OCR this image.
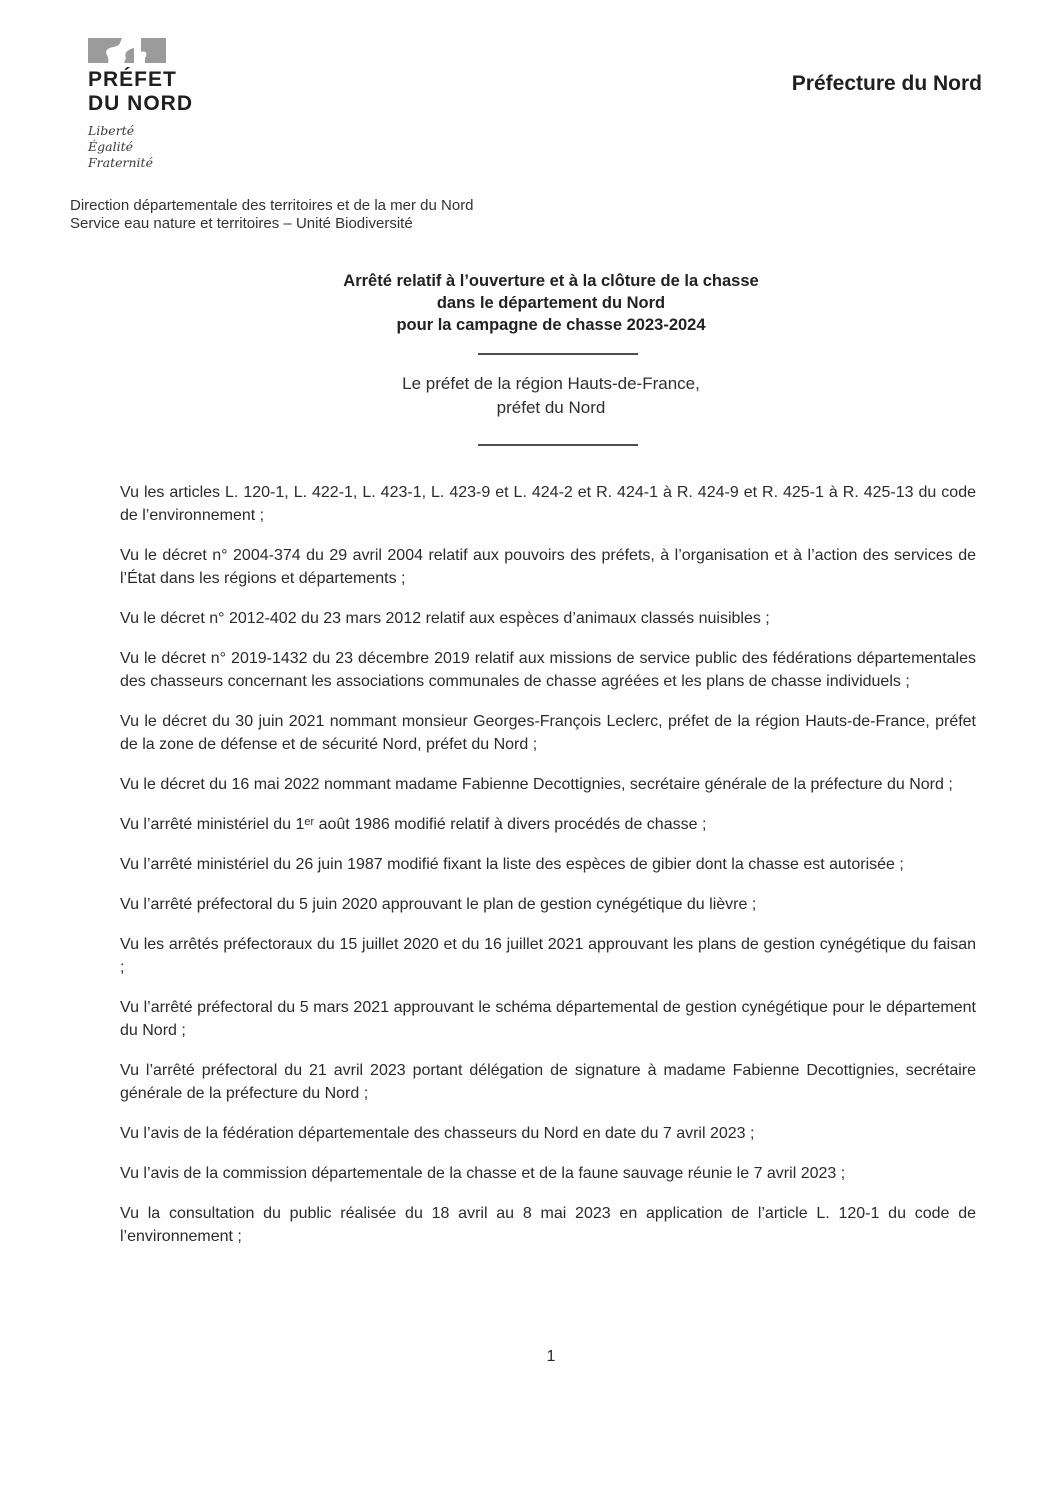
PRÉFET
DU NORD
Liberté
Égalité
Fraternité
Préfecture du Nord
Direction départementale des territoires et de la mer du Nord
Service eau nature et territoires – Unité Biodiversité
Arrêté relatif à l’ouverture et à la clôture de la chasse
dans le département du Nord
pour la campagne de chasse 2023-2024
Le préfet de la région Hauts-de-France,
préfet du Nord

Vu les articles L. 120-1, L. 422-1, L. 423-1, L. 423-9 et L. 424-2 et R. 424-1 à R. 424-9 et R. 425-1 à R. 425-13 du code de l’environnement ;

Vu le décret n° 2004-374 du 29 avril 2004 relatif aux pouvoirs des préfets, à l’organisation et à l’action des services de l’État dans les régions et départements ;

Vu le décret n° 2012-402 du 23 mars 2012 relatif aux espèces d’animaux classés nuisibles ;

Vu le décret n° 2019-1432 du 23 décembre 2019 relatif aux missions de service public des fédérations départementales des chasseurs concernant les associations communales de chasse agréées et les plans de chasse individuels ;

Vu le décret du 30 juin 2021 nommant monsieur Georges-François Leclerc, préfet de la région Hauts-de-France, préfet de la zone de défense et de sécurité Nord, préfet du Nord ;

Vu le décret du 16 mai 2022 nommant madame Fabienne Decottignies, secrétaire générale de la préfecture du Nord ;

Vu l’arrêté ministériel du 1ᵉʳ août 1986 modifié relatif à divers procédés de chasse ;

Vu l’arrêté ministériel du 26 juin 1987 modifié fixant la liste des espèces de gibier dont la chasse est autorisée ;

Vu l’arrêté préfectoral du 5 juin 2020 approuvant le plan de gestion cynégétique du lièvre ;

Vu les arrêtés préfectoraux du 15 juillet 2020 et du 16 juillet 2021 approuvant les plans de gestion cynégétique du faisan ;

Vu l’arrêté préfectoral du 5 mars 2021 approuvant le schéma départemental de gestion cynégétique pour le département du Nord ;

Vu l’arrêté préfectoral du 21 avril 2023 portant délégation de signature à madame Fabienne Decottignies, secrétaire générale de la préfecture du Nord ;

Vu l’avis de la fédération départementale des chasseurs du Nord en date du 7 avril 2023 ;

Vu l’avis de la commission départementale de la chasse et de la faune sauvage réunie le 7 avril 2023 ;

Vu la consultation du public réalisée du 18 avril au 8 mai 2023 en application de l’article L. 120-1 du code de l’environnement ;

1
